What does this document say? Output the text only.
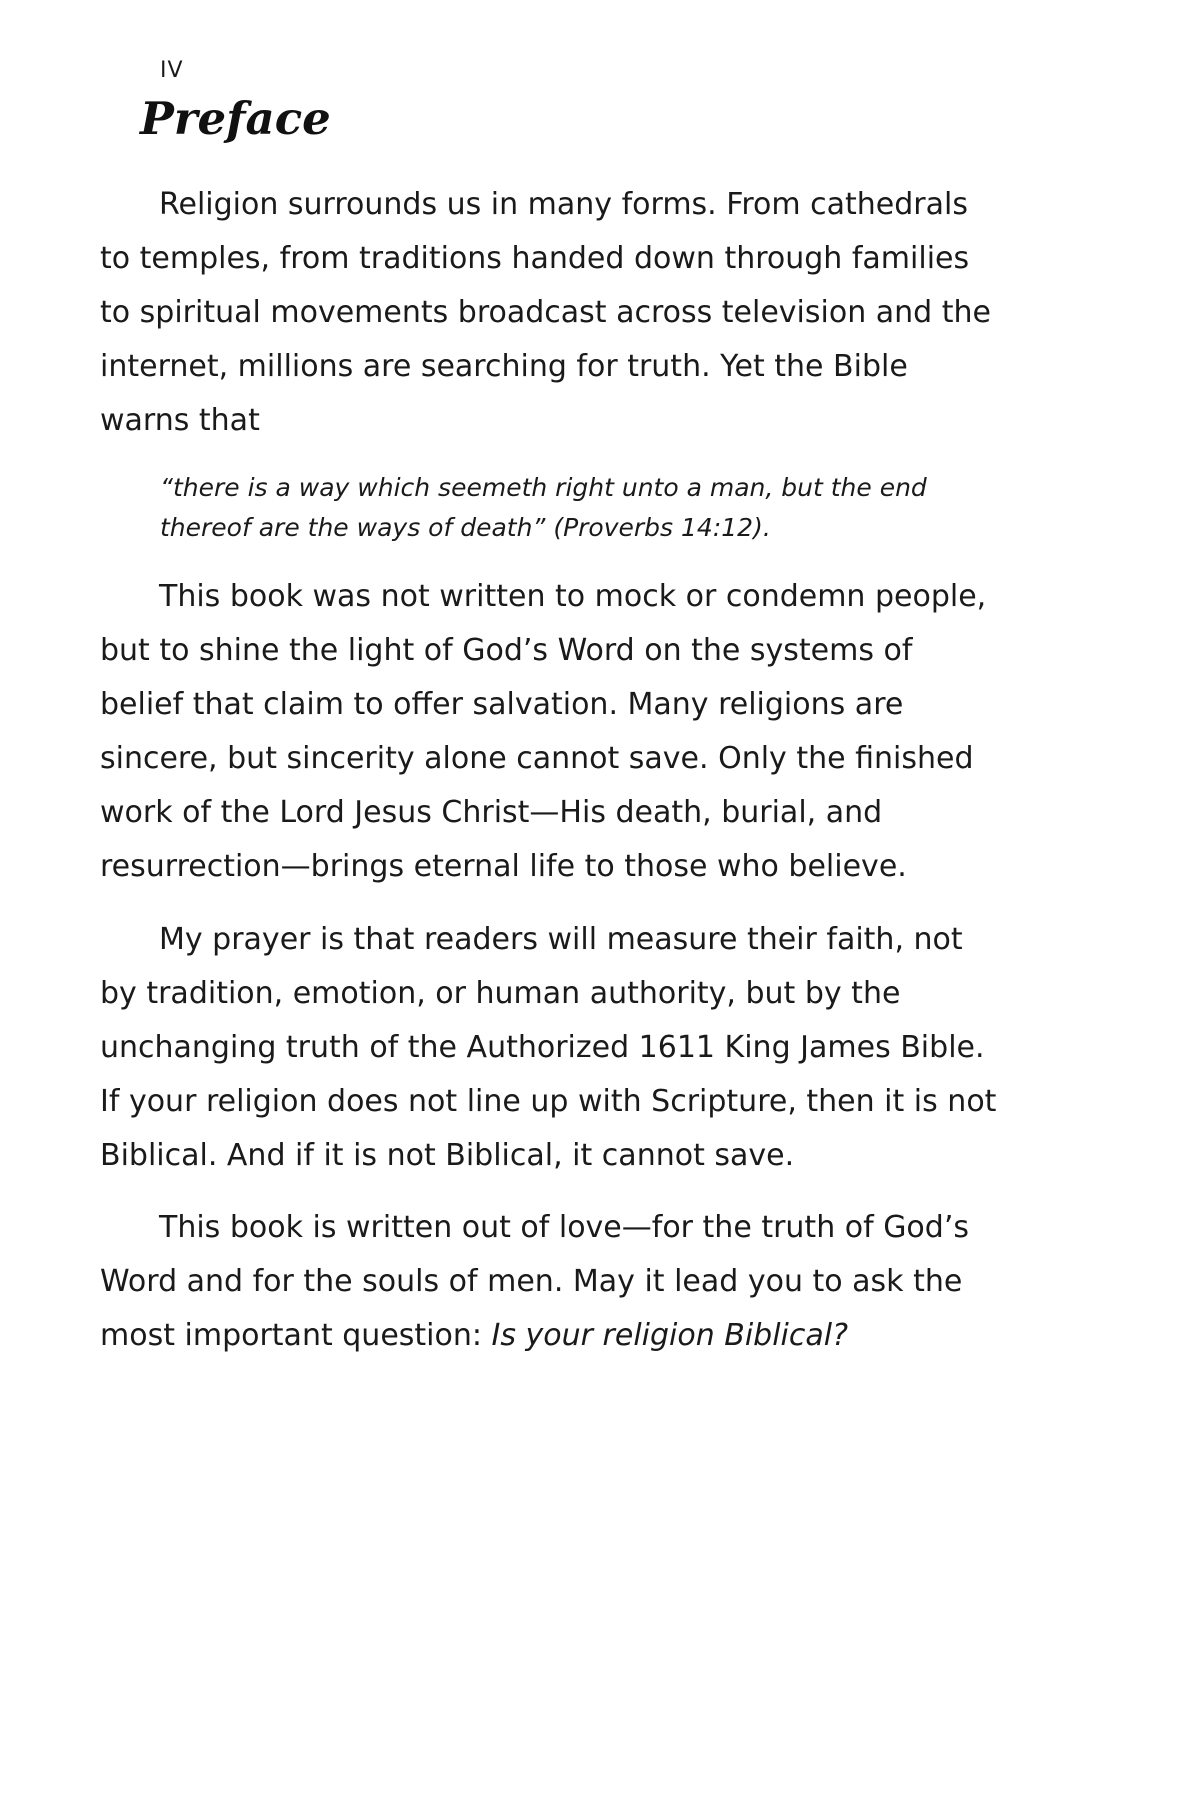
IV
Preface
Religion surrounds us in many forms. From cathedrals
to temples, from traditions handed down through families
to spiritual movements broadcast across television and the
internet, millions are searching for truth. Yet the Bible
warns that
“there is a way which seemeth right unto a man, but the end
thereof are the ways of death” (Proverbs 14:12).
This book was not written to mock or condemn people,
but to shine the light of God’s Word on the systems of
belief that claim to offer salvation. Many religions are
sincere, but sincerity alone cannot save. Only the finished
work of the Lord Jesus Christ—His death, burial, and
resurrection—brings eternal life to those who believe.
My prayer is that readers will measure their faith, not
by tradition, emotion, or human authority, but by the
unchanging truth of the Authorized 1611 King James Bible.
If your religion does not line up with Scripture, then it is not
Biblical. And if it is not Biblical, it cannot save.
This book is written out of love—for the truth of God’s
Word and for the souls of men. May it lead you to ask the
most important question: Is your religion Biblical?
